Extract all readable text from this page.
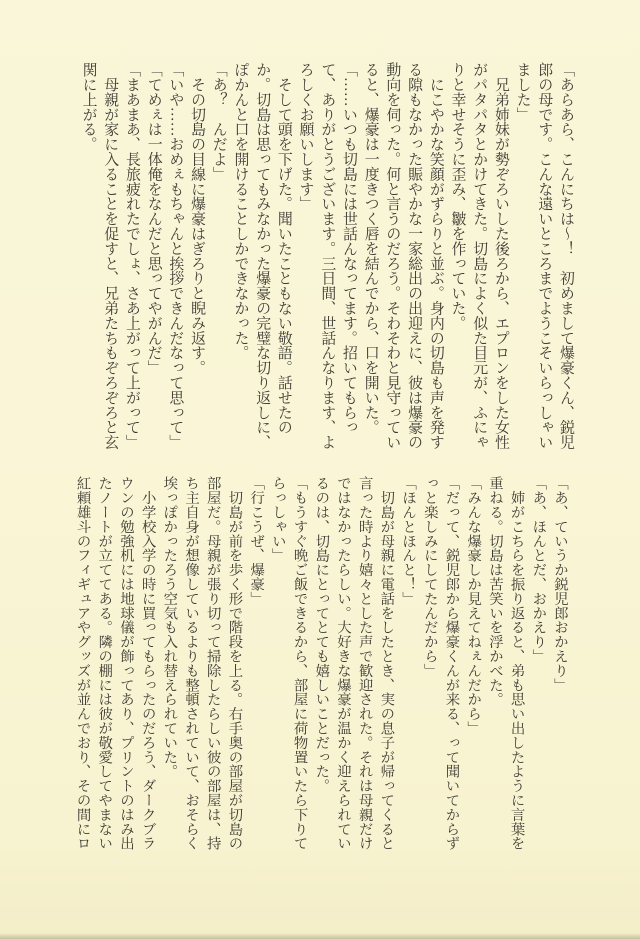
「あらあら、こんにちは〜！　初めまして爆豪くん、鋭児郎の母です。こんな遠いところまでようこそいらっしゃいました」

　兄弟姉妹が勢ぞろいした後ろから、エプロンをした女性がパタパタとかけてきた。切島によく似た目元が、ふにゃりと幸せそうに歪み、皺を作っていた。

　にこやかな笑顔がずらりと並ぶ。身内の切島も声を発する隙もなかった賑やかな一家総出の出迎えに、彼は爆豪の動向を伺った。何と言うのだろう。そわそわと見守っていると、爆豪は一度きつく唇を結んでから、口を開いた。

「……いつも切島には世話んなってます。招いてもらって、ありがとうございます。三日間、世話んなります、よろしくお願いします」

　そして頭を下げた。聞いたこともない敬語。話せたのか。切島は思ってもみなかった爆豪の完璧な切り返しに、ぽかんと口を開けることしかできなかった。

「あ？　んだよ」

　その切島の目線に爆豪はぎろりと睨み返す。

「いや……おめぇもちゃんと挨拶できんだなって思って」

「てめぇは一体俺をなんだと思ってやがんだ」

「まあまあ、長旅疲れたでしょ、さあ上がって上がって」

　母親が家に入ることを促すと、兄弟たちもぞろぞろと玄関に上がる。

「あ、ていうか鋭児郎おかえり」

「あ、ほんとだ、おかえり」

　姉がこちらを振り返ると、弟も思い出したように言葉を重ねる。切島は苦笑いを浮かべた。

「みんな爆豪しか見えてねぇんだから」

「だって、鋭児郎から爆豪くんが来る、って聞いてからずっと楽しみにしてたんだから」

「ほんとほんと！」

　切島が母親に電話をしたとき、実の息子が帰ってくると言った時より嬉々とした声で歓迎された。それは母親だけではなかったらしい。大好きな爆豪が温かく迎えられているのは、切島にとってとても嬉しいことだった。

「もうすぐ晩ご飯できるから、部屋に荷物置いたら下りてらっしゃい」

「行こうぜ、爆豪」

　切島が前を歩く形で階段を上る。右手奥の部屋が切島の部屋だ。母親が張り切って掃除したらしい彼の部屋は、持ち主自身が想像しているよりも整頓されていて、おそらく埃っぽかったろう空気も入れ替えられていた。

　小学校入学の時に買ってもらったのだろう、ダークブラウンの勉強机には地球儀が飾ってあり、プリントのはみ出たノートが立ててある。隣の棚には彼が敬愛してやまない紅頼雄斗のフィギュアやグッズが並んでおり、その間にロ
